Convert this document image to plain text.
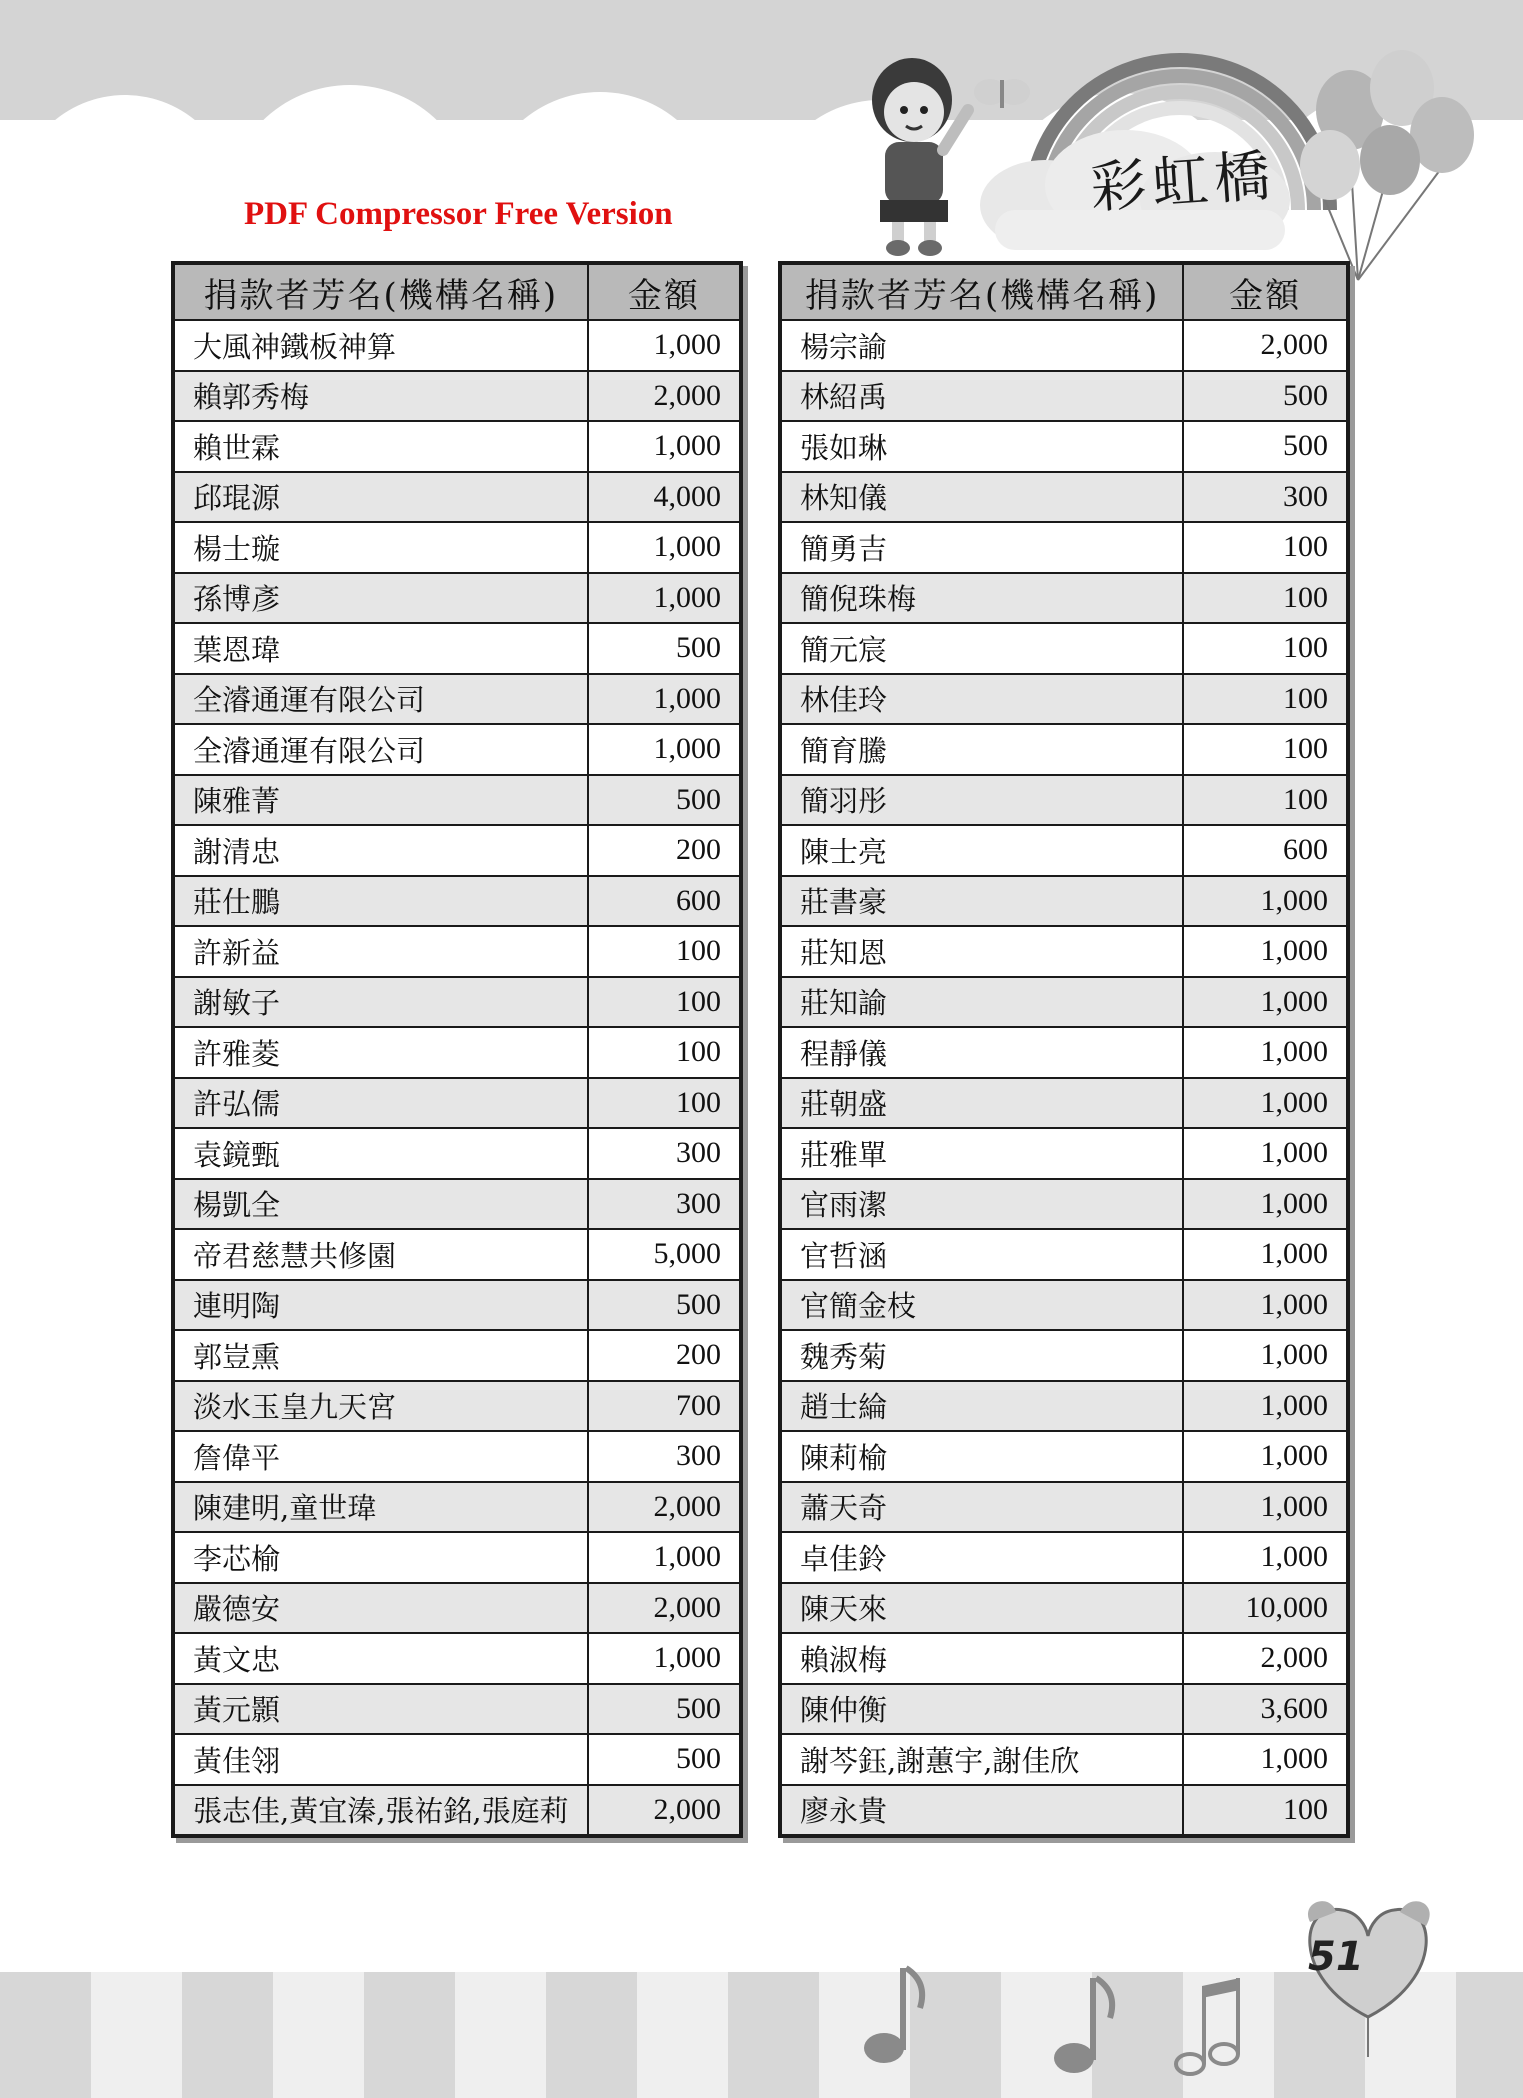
彩虹橋
PDF Compressor Free Version
捐款者芳名(機構名稱)	金額
大風神鐵板神算	1,000
賴郭秀梅	2,000
賴世霖	1,000
邱琨源	4,000
楊士璇	1,000
孫博彥	1,000
葉恩瑋	500
全濬通運有限公司	1,000
全濬通運有限公司	1,000
陳雅菁	500
謝清忠	200
莊仕鵬	600
許新益	100
謝敏子	100
許雅菱	100
許弘儒	100
袁鏡甄	300
楊凱全	300
帝君慈慧共修園	5,000
連明陶	500
郭豈熏	200
淡水玉皇九天宮	700
詹偉平	300
陳建明,童世瑋	2,000
李芯榆	1,000
嚴德安	2,000
黃文忠	1,000
黃元顥	500
黃佳翎	500
張志佳,黃宜溱,張祐銘,張庭莉	2,000
捐款者芳名(機構名稱)	金額
楊宗諭	2,000
林紹禹	500
張如琳	500
林知儀	300
簡勇吉	100
簡倪珠梅	100
簡元宸	100
林佳玲	100
簡育騰	100
簡羽彤	100
陳士亮	600
莊書豪	1,000
莊知恩	1,000
莊知諭	1,000
程靜儀	1,000
莊朝盛	1,000
莊雅單	1,000
官雨潔	1,000
官哲涵	1,000
官簡金枝	1,000
魏秀菊	1,000
趙士綸	1,000
陳莉榆	1,000
蕭天奇	1,000
卓佳鈴	1,000
陳天來	10,000
賴淑梅	2,000
陳仲衡	3,600
謝芩鈺,謝蕙宇,謝佳欣	1,000
廖永貴	100
51
